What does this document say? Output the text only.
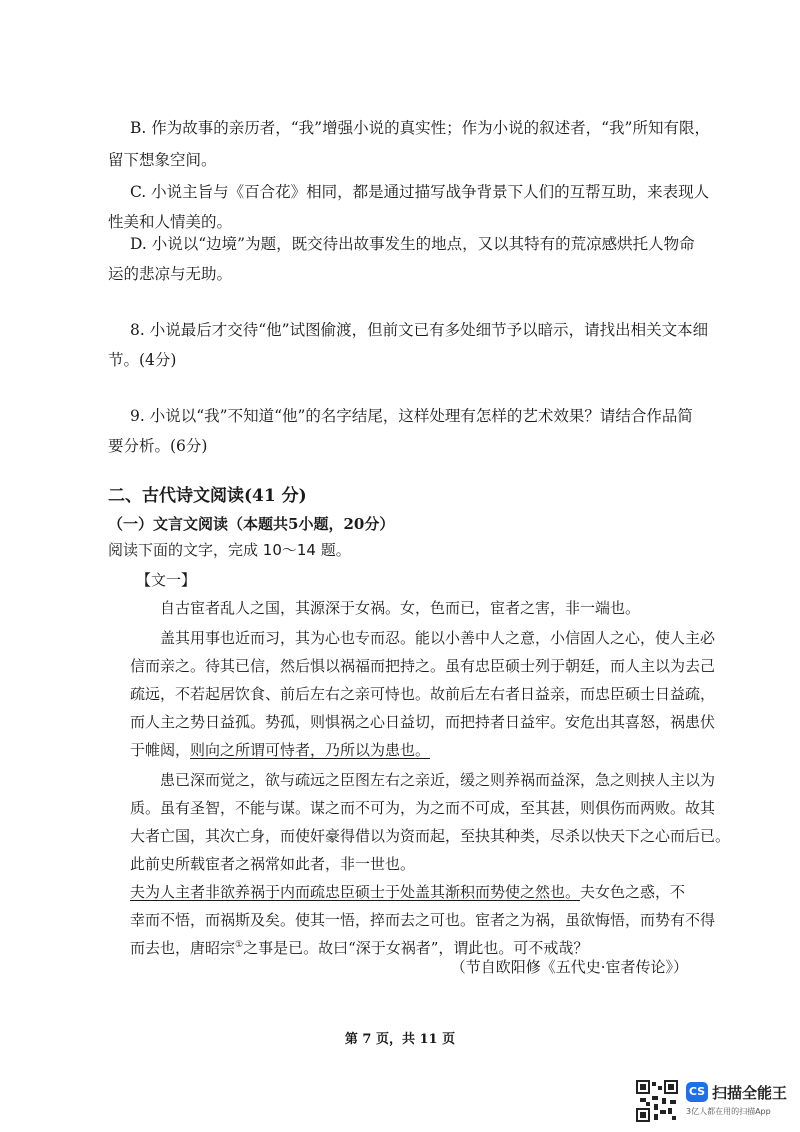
B. 作为故事的亲历者，“我”增强小说的真实性；作为小说的叙述者，“我”所知有限，
留下想象空间。
C. 小说主旨与《百合花》相同，都是通过描写战争背景下人们的互帮互助，来表现人
性美和人情美的。
D. 小说以“边境”为题，既交待出故事发生的地点，又以其特有的荒凉感烘托人物命
运的悲凉与无助。
8. 小说最后才交待“他”试图偷渡，但前文已有多处细节予以暗示，请找出相关文本细
节。(4分)
9. 小说以“我”不知道“他”的名字结尾，这样处理有怎样的艺术效果？请结合作品简
要分析。(6分)
二、古代诗文阅读(41 分)
（一）文言文阅读（本题共5小题，20分）
阅读下面的文字，完成 10～14 题。
【文一】
自古宦者乱人之国，其源深于女祸。女，色而已，宦者之害，非一端也。
盖其用事也近而习，其为心也专而忍。能以小善中人之意，小信固人之心，使人主必
信而亲之。待其已信，然后惧以祸福而把持之。虽有忠臣硕士列于朝廷，而人主以为去己
疏远，不若起居饮食、前后左右之亲可恃也。故前后左右者日益亲，而忠臣硕士日益疏，
而人主之势日益孤。势孤，则惧祸之心日益切，而把持者日益牢。安危出其喜怒，祸患伏
于帷闼，则向之所谓可恃者，乃所以为患也。
患已深而觉之，欲与疏远之臣图左右之亲近，缓之则养祸而益深，急之则挟人主以为
质。虽有圣智，不能与谋。谋之而不可为，为之而不可成，至其甚，则俱伤而两败。故其
大者亡国，其次亡身，而使奸豪得借以为资而起，至抉其种类，尽杀以快天下之心而后已。
此前史所载宦者之祸常如此者，非一世也。
夫为人主者非欲养祸于内而疏忠臣硕士于处盖其渐积而势使之然也。夫女色之惑，不
幸而不悟，而祸斯及矣。使其一悟，捽而去之可也。宦者之为祸，虽欲悔悟，而势有不得
而去也，唐昭宗①之事是已。故曰“深于女祸者”，谓此也。可不戒哉？
（节自欧阳修《五代史·宦者传论》）
第 7 页，共 11 页
CS 扫描全能王
3亿人都在用的扫描App
